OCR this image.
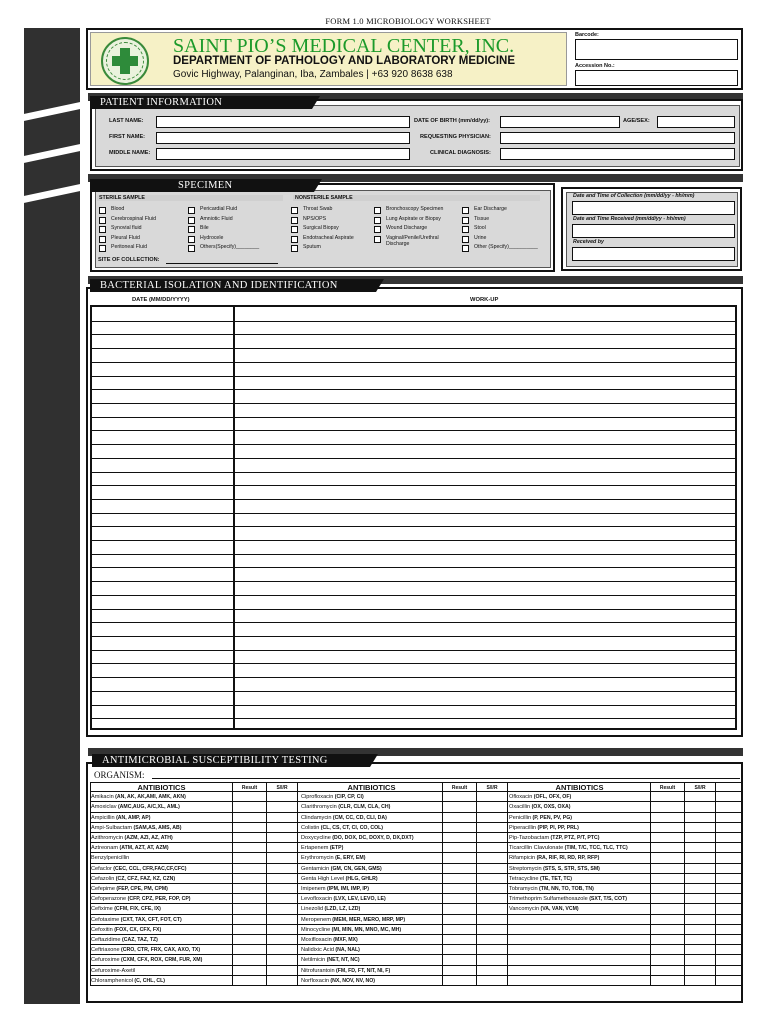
FORM 1.0 MICROBIOLOGY WORKSHEET
SAINT PIO’S MEDICAL CENTER, INC.
DEPARTMENT OF PATHOLOGY AND LABORATORY MEDICINE
Govic Highway, Palanginan, Iba, Zambales | +63 920 8638 638
Barcode:
Accession No.:
LAST NAME:
FIRST NAME:
MIDDLE NAME:
DATE OF BIRTH (mm/dd/yy):	AGE/SEX:
REQUESTING PHYSICIAN:
CLINICAL DIAGNOSIS:
PATIENT INFORMATION
SPECIMEN
STERILE SAMPLE	NONSTERILE SAMPLE
Blood
Cerebrospinal Fluid
Synovial fluid
Pleural Fluid
Peritoneal Fluid
Pericardial Fluid
Amniotic Fluid
Bile
Hydrocele
Others(Specify)________
Throat Swab
NPS/OPS
Surgical Biopsy
Endotracheal Aspirate
Sputum
Bronchoscopy Specimen
Lung Aspirate or Biopsy
Wound Discharge
Vaginal/Penile/Urethral Discharge
Ear Discharge
Tissue
Stool
Urine
Other (Specify)__________
SITE OF COLLECTION:
Date and Time of Collection (mm/dd/yy - hh/mm)
Date and Time Received (mm/dd/yy - hh/mm)
Received by
BACTERIAL ISOLATION AND IDENTIFICATION
DATE (MM/DD/YYYY)	WORK-UP
ANTIMICROBIAL SUSCEPTIBILITY TESTING
ORGANISM:
ANTIBIOTICS	Result	S/I/R	ANTIBIOTICS	Result	S/I/R	ANTIBIOTICS	Result	S/I/R
Amikacin (AN, AK, AK,AMI, AMK, AKN)	Ciprofloxacin (CIP, CP, CI)	Ofloxacin (OFL, OFX, OF)
Amoxiclav (AMC,AUG, A/C,XL, AML)	Clarithromycin (CLR, CLM, CLA, CH)	Oxacillin (OX, OXS, OXA)
Ampicillin (AN, AMP, AP)	Clindamycin (CM, CC, CD, CLI, DA)	Penicillin (P, PEN, PV, PG)
Ampi-Sulbactam (SAM,AS, AMS, AB)	Colistin (CL, CS, CT, CI, CO, COL)	Piperacillin (PIP, PI, PP, PRL)
Azithromycin (AZM, AZI, AZ, ATH)	Doxycycline (DO, DOX, DC, DOXY, D, DX,DXT)	Pip-Tazobactam (TZP, PTZ, P/T, PTC)
Aztreonam (ATM, AZT, AT, AZM)	Ertapenem (ETP)	Ticarcillin Clavulonate (TIM, T/C, TCC, TLC, TTC)
Benzylpenicillin	Erythromycin (E, ERY, EM)	Rifampicin (RA, RIF, RI, RD, RP, RFP)
Cefaclor (CEC, CCL, CFR,FAC,CF,CFC)	Gentamicin (GM, CN, GEN, GMS)	Streptomycin (STS, S, STR, STS, SM)
Cefazolin (CZ, CFZ, FAZ, KZ, CZN)	Genta High Level (HLG, GHLR)	Tetracycline (TE, TET, TC)
Cefepime (FEP, CPE, PM, CPM)	Imipenem (IPM, IMI, IMP, IP)	Tobramycin (TM, NN, TO, TOB, TN)
Cefoperazone (CFP, CPZ, PER, FOP, CP)	Levofloxacin (LVX, LEV, LEVO, LE)	Trimethoprim Sulfamethoxazole (SXT, T/S, COT)
Cefixime (CFM, FIX, CFE, IX)	Linezolid (LZD, LZ, LZD)	Vancomycin (VA, VAN, VCM)
Cefotaxime (CXT, TAX, CFT, FOT, CT)	Meropenem (MEM, MER, MERO, MRP, MP)
Cefoxitin (FOX, CX, CFX, FX)	Minocycline (MI, MIN, MN, MNO, MC, MH)
Ceftazidime (CAZ, TAZ, TZ)	Moxifloxacin (MXF, MX)
Ceftriaxone (CRO, CTR, FRX, CAX, AXO, TX)	Nalidixic Acid (NA, NAL)
Cefuroxime (CXM, CFX, ROX, CRM, FUR, XM)	Netilmicin (NET, NT, NC)
Cefuroxime-Axetil	Nitrofurantoin (FM, FD, FT, NIT, NI, F)
Chloramphenicol (C, CHL, CL)	Norfloxacin (NX, NOV, NV, NO)
